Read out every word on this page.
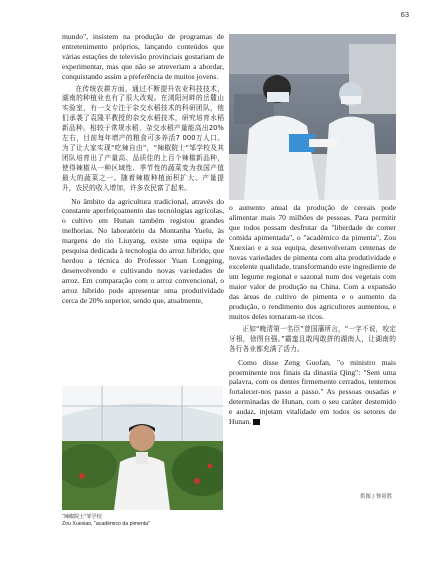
63

mundo", insistem na produção de programas de entretenimento próprios, lançando conteúdos que várias estações de televisão provinciais gostariam de experimentar, mas que não se atreveriam a abordar, conquistando assim a preferência de muitos jovens.

在传统农耕方面，通过不断提升农业科技技术，湖南的种植业也有了很大改观。在浏阳河畔的岳麓山实验室，有一支专注于杂交水稻技术的科研团队，他们承袭了袁隆平教授的杂交水稻技术，研究培育水稻新品种。相较于常规水稻，杂交水稻产量能高出20%左右，目前每年增产的粮食可多养活7 000万人口。为了让大家实现“吃辣自由”，“辣椒院士”邹学校及其团队培育出了产量高、品质佳的上百个辣椒新品种，使得辣椒从一种区域性、季节性的蔬菜变为我国产值最大的蔬菜之一。随着辣椒种植面积扩大、产量提升，农民的收入增加，许多农民富了起来。

No âmbito da agricultura tradicional, através do constante aperfeiçoamento das tecnologias agrícolas, o cultivo em Hunan também registou grandes melhorias. No laboratório da Montanha Yuelu, às margens do rio Liuyang, existe uma equipa de pesquisa dedicada à tecnologia do arroz híbrido, que herdou a técnica do Professor Yuan Longping, desenvolvendo e cultivando novas variedades de arroz. Em comparação com o arroz convencional, o arroz híbrido pode apresentar uma produtividade cerca de 20% superior, sendo que, atualmente,

o aumento anual da produção de cereais pode alimentar mais 70 milhões de pessoas. Para permitir que todos possam desfrutar da "liberdade de comer comida apimentada", o "académico da pimenta", Zou Xuexiao e a sua equipa, desenvolveram centenas de novas variedades de pimenta com alta produtividade e excelente qualidade, transformando este ingrediente de um legume regional e sazonal num dos vegetais com maior valor de produção na China. Com a expansão das áreas de cultivo de pimenta e o aumento da produção, o rendimento dos agricultores aumentou, e muitos deles tornaram-se ricos.

正如“晚清第一名臣”曾国藩所言，“一字不说，咬定牙根，徐图自强。”霸蛮且敢闯敢拼的湖南人，让湖南的各行各业都充满了活力。

Como disse Zeng Guofan, "o ministro mais proeminente nos finais da dinastia Qing": "Sem uma palavra, com os dentes firmemente cerrados, tentemos fortalecer-nos passo a passo." As pessoas ousadas e determinadas de Hunan, com o seu caráter destemido e audaz, injetam vitalidade em todos os setores de Hunan. 图

“辣椒院士”邹学校
Zou Xuexiao, "académico da pimenta"
供图 / 钟祖胜
